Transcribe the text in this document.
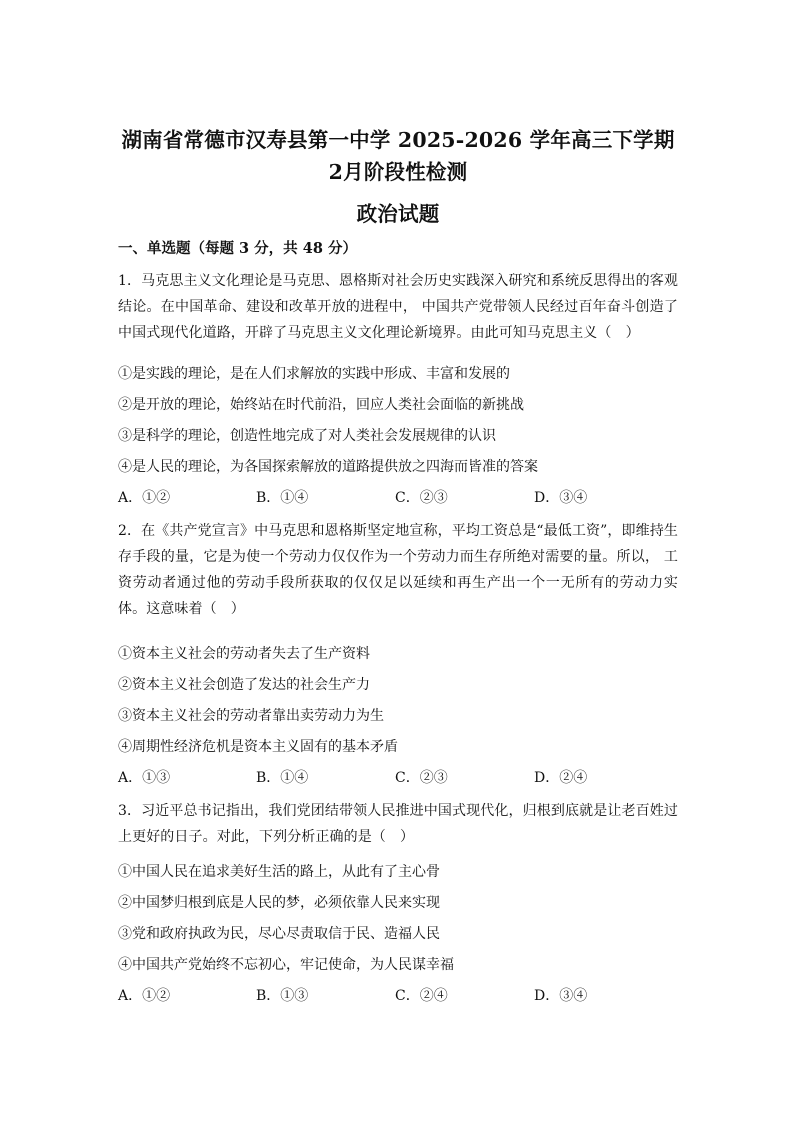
湖南省常德市汉寿县第一中学 2025-2026 学年高三下学期
2月阶段性检测
政治试题
一、单选题（每题 3 分，共 48 分）
1．马克思主义文化理论是马克思、恩格斯对社会历史实践深入研究和系统反思得出的客观结论。在中国革命、建设和改革开放的进程中， 中国共产党带领人民经过百年奋斗创造了中国式现代化道路，开辟了马克思主义文化理论新境界。由此可知马克思主义（　）
①是实践的理论，是在人们求解放的实践中形成、丰富和发展的
②是开放的理论，始终站在时代前沿，回应人类社会面临的新挑战
③是科学的理论，创造性地完成了对人类社会发展规律的认识
④是人民的理论，为各国探索解放的道路提供放之四海而皆准的答案
A．①②	B．①④	C．②③	D．③④
2．在《共产党宣言》中马克思和恩格斯坚定地宣称，平均工资总是“最低工资”，即维持生存手段的量，它是为使一个劳动力仅仅作为一个劳动力而生存所绝对需要的量。所以， 工资劳动者通过他的劳动手段所获取的仅仅足以延续和再生产出一个一无所有的劳动力实体。这意味着（　）
①资本主义社会的劳动者失去了生产资料
②资本主义社会创造了发达的社会生产力
③资本主义社会的劳动者靠出卖劳动力为生
④周期性经济危机是资本主义固有的基本矛盾
A．①③	B．①④	C．②③	D．②④
3．习近平总书记指出，我们党团结带领人民推进中国式现代化，归根到底就是让老百姓过上更好的日子。对此，下列分析正确的是（　）
①中国人民在追求美好生活的路上，从此有了主心骨
②中国梦归根到底是人民的梦，必须依靠人民来实现
③党和政府执政为民，尽心尽责取信于民、造福人民
④中国共产党始终不忘初心，牢记使命，为人民谋幸福
A．①②	B．①③	C．②④	D．③④
